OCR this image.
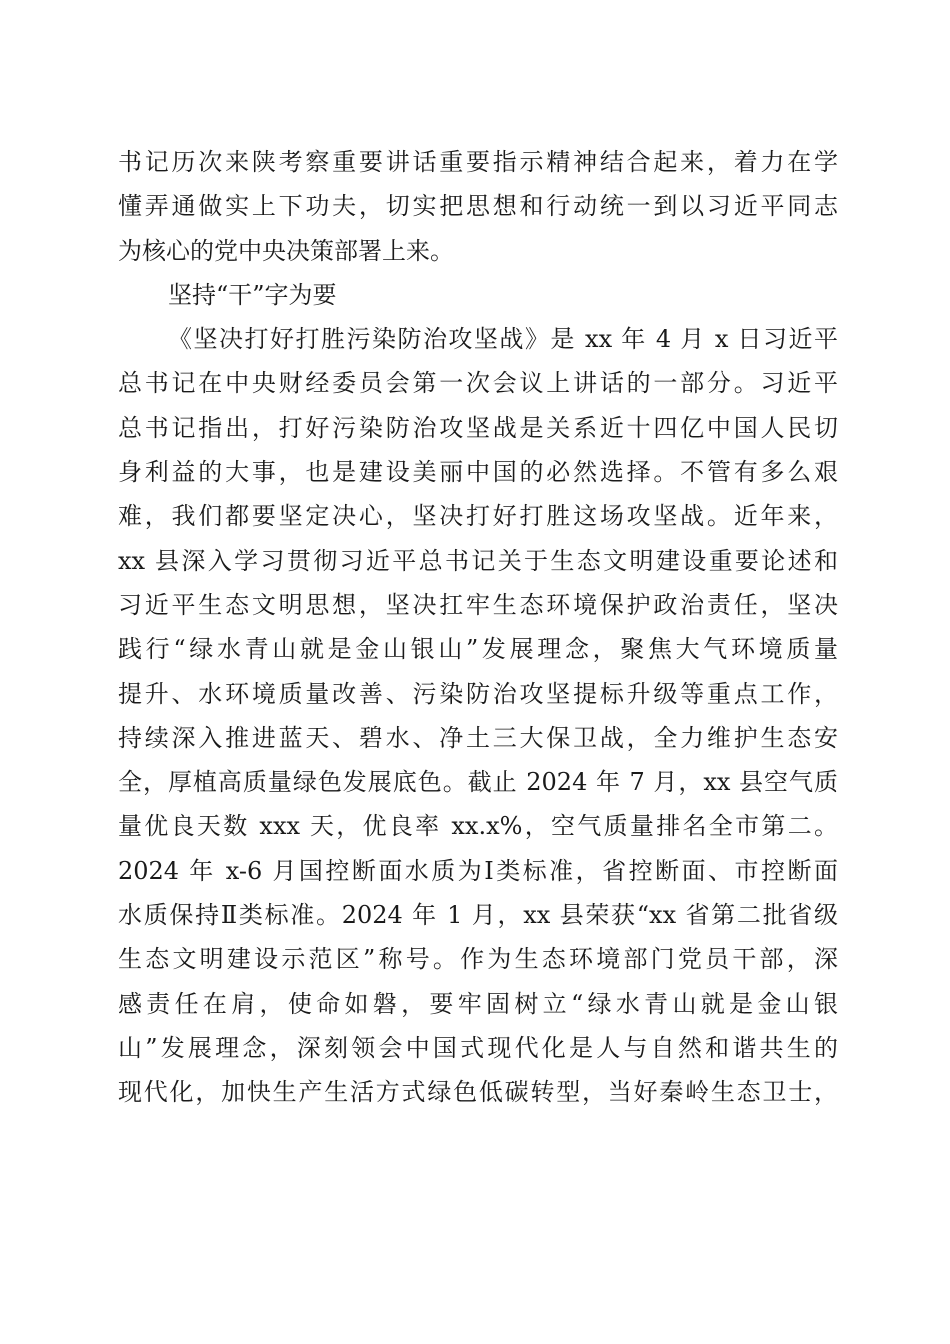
书记历次来陕考察重要讲话重要指示精神结合起来，着力在学
懂弄通做实上下功夫，切实把思想和行动统一到以习近平同志
为核心的党中央决策部署上来。
坚持“干”字为要
《坚决打好打胜污染防治攻坚战》是 xx 年 4 月 x 日习近平
总书记在中央财经委员会第一次会议上讲话的一部分。习近平
总书记指出，打好污染防治攻坚战是关系近十四亿中国人民切
身利益的大事，也是建设美丽中国的必然选择。不管有多么艰
难，我们都要坚定决心，坚决打好打胜这场攻坚战。近年来，
xx 县深入学习贯彻习近平总书记关于生态文明建设重要论述和
习近平生态文明思想，坚决扛牢生态环境保护政治责任，坚决
践行“绿水青山就是金山银山”发展理念，聚焦大气环境质量
提升、水环境质量改善、污染防治攻坚提标升级等重点工作，
持续深入推进蓝天、碧水、净土三大保卫战，全力维护生态安
全，厚植高质量绿色发展底色。截止 2024 年 7 月，xx 县空气质
量优良天数 xxx 天，优良率 xx.x%，空气质量排名全市第二。
2024 年 x-6 月国控断面水质为Ⅰ类标准，省控断面、市控断面
水质保持Ⅱ类标准。2024 年 1 月，xx 县荣获“xx 省第二批省级
生态文明建设示范区”称号。作为生态环境部门党员干部，深
感责任在肩，使命如磐，要牢固树立“绿水青山就是金山银
山”发展理念，深刻领会中国式现代化是人与自然和谐共生的
现代化，加快生产生活方式绿色低碳转型，当好秦岭生态卫士，
